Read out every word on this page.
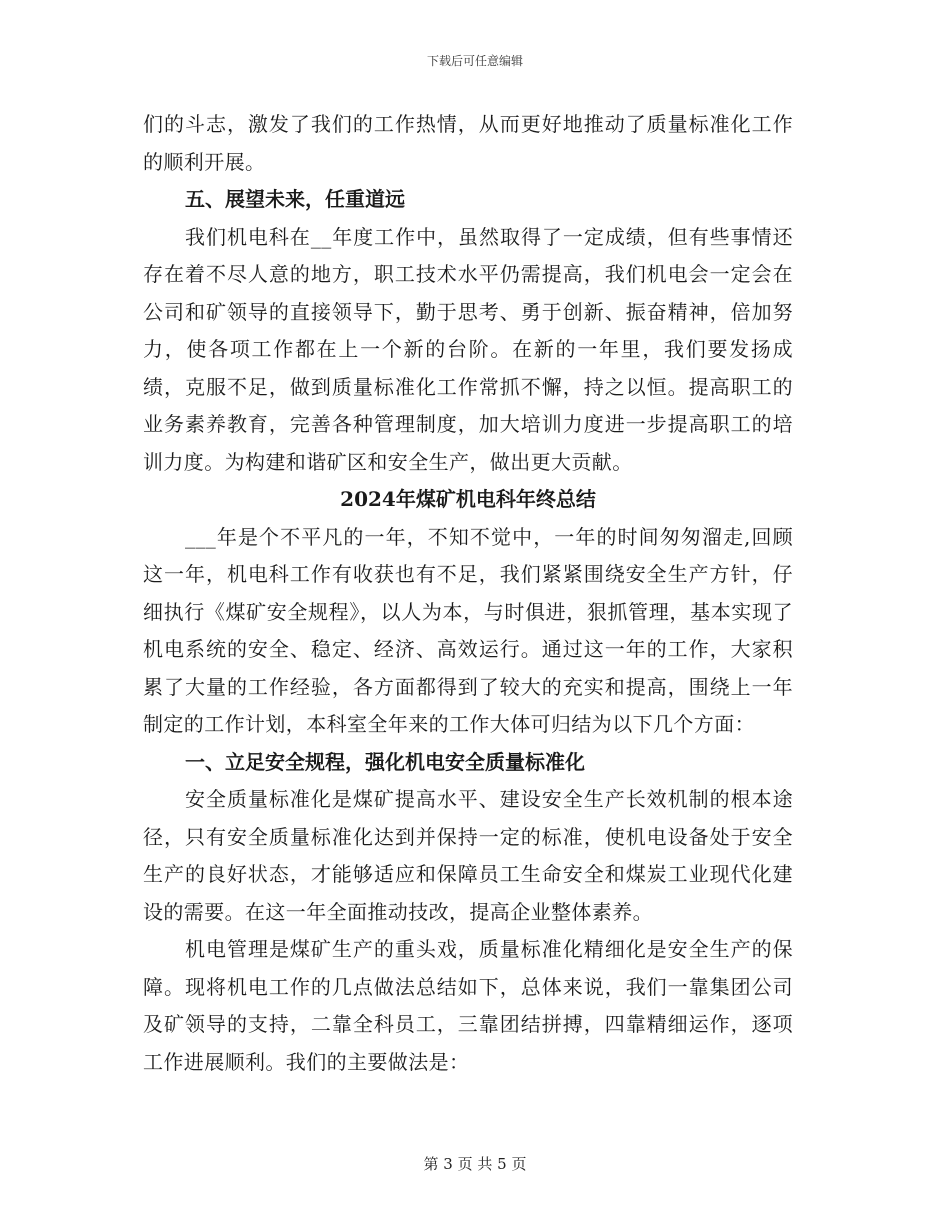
下载后可任意编辑

们的斗志，激发了我们的工作热情，从而更好地推动了质量标准化工作的顺利开展。

五、展望未来，任重道远

我们机电科在__年度工作中，虽然取得了一定成绩，但有些事情还存在着不尽人意的地方，职工技术水平仍需提高，我们机电会一定会在公司和矿领导的直接领导下，勤于思考、勇于创新、振奋精神，倍加努力，使各项工作都在上一个新的台阶。在新的一年里，我们要发扬成绩，克服不足，做到质量标准化工作常抓不懈，持之以恒。提高职工的业务素养教育，完善各种管理制度，加大培训力度进一步提高职工的培训力度。为构建和谐矿区和安全生产，做出更大贡献。

2024年煤矿机电科年终总结

___年是个不平凡的一年，不知不觉中，一年的时间匆匆溜走,回顾这一年，机电科工作有收获也有不足，我们紧紧围绕安全生产方针，仔细执行《煤矿安全规程》，以人为本，与时俱进，狠抓管理，基本实现了机电系统的安全、稳定、经济、高效运行。通过这一年的工作，大家积累了大量的工作经验，各方面都得到了较大的充实和提高，围绕上一年制定的工作计划，本科室全年来的工作大体可归结为以下几个方面：

一、立足安全规程，强化机电安全质量标准化

安全质量标准化是煤矿提高水平、建设安全生产长效机制的根本途径，只有安全质量标准化达到并保持一定的标准，使机电设备处于安全生产的良好状态，才能够适应和保障员工生命安全和煤炭工业现代化建设的需要。在这一年全面推动技改，提高企业整体素养。

机电管理是煤矿生产的重头戏，质量标准化精细化是安全生产的保障。现将机电工作的几点做法总结如下，总体来说，我们一靠集团公司及矿领导的支持，二靠全科员工，三靠团结拼搏，四靠精细运作，逐项工作进展顺利。我们的主要做法是：

第 3 页 共 5 页
